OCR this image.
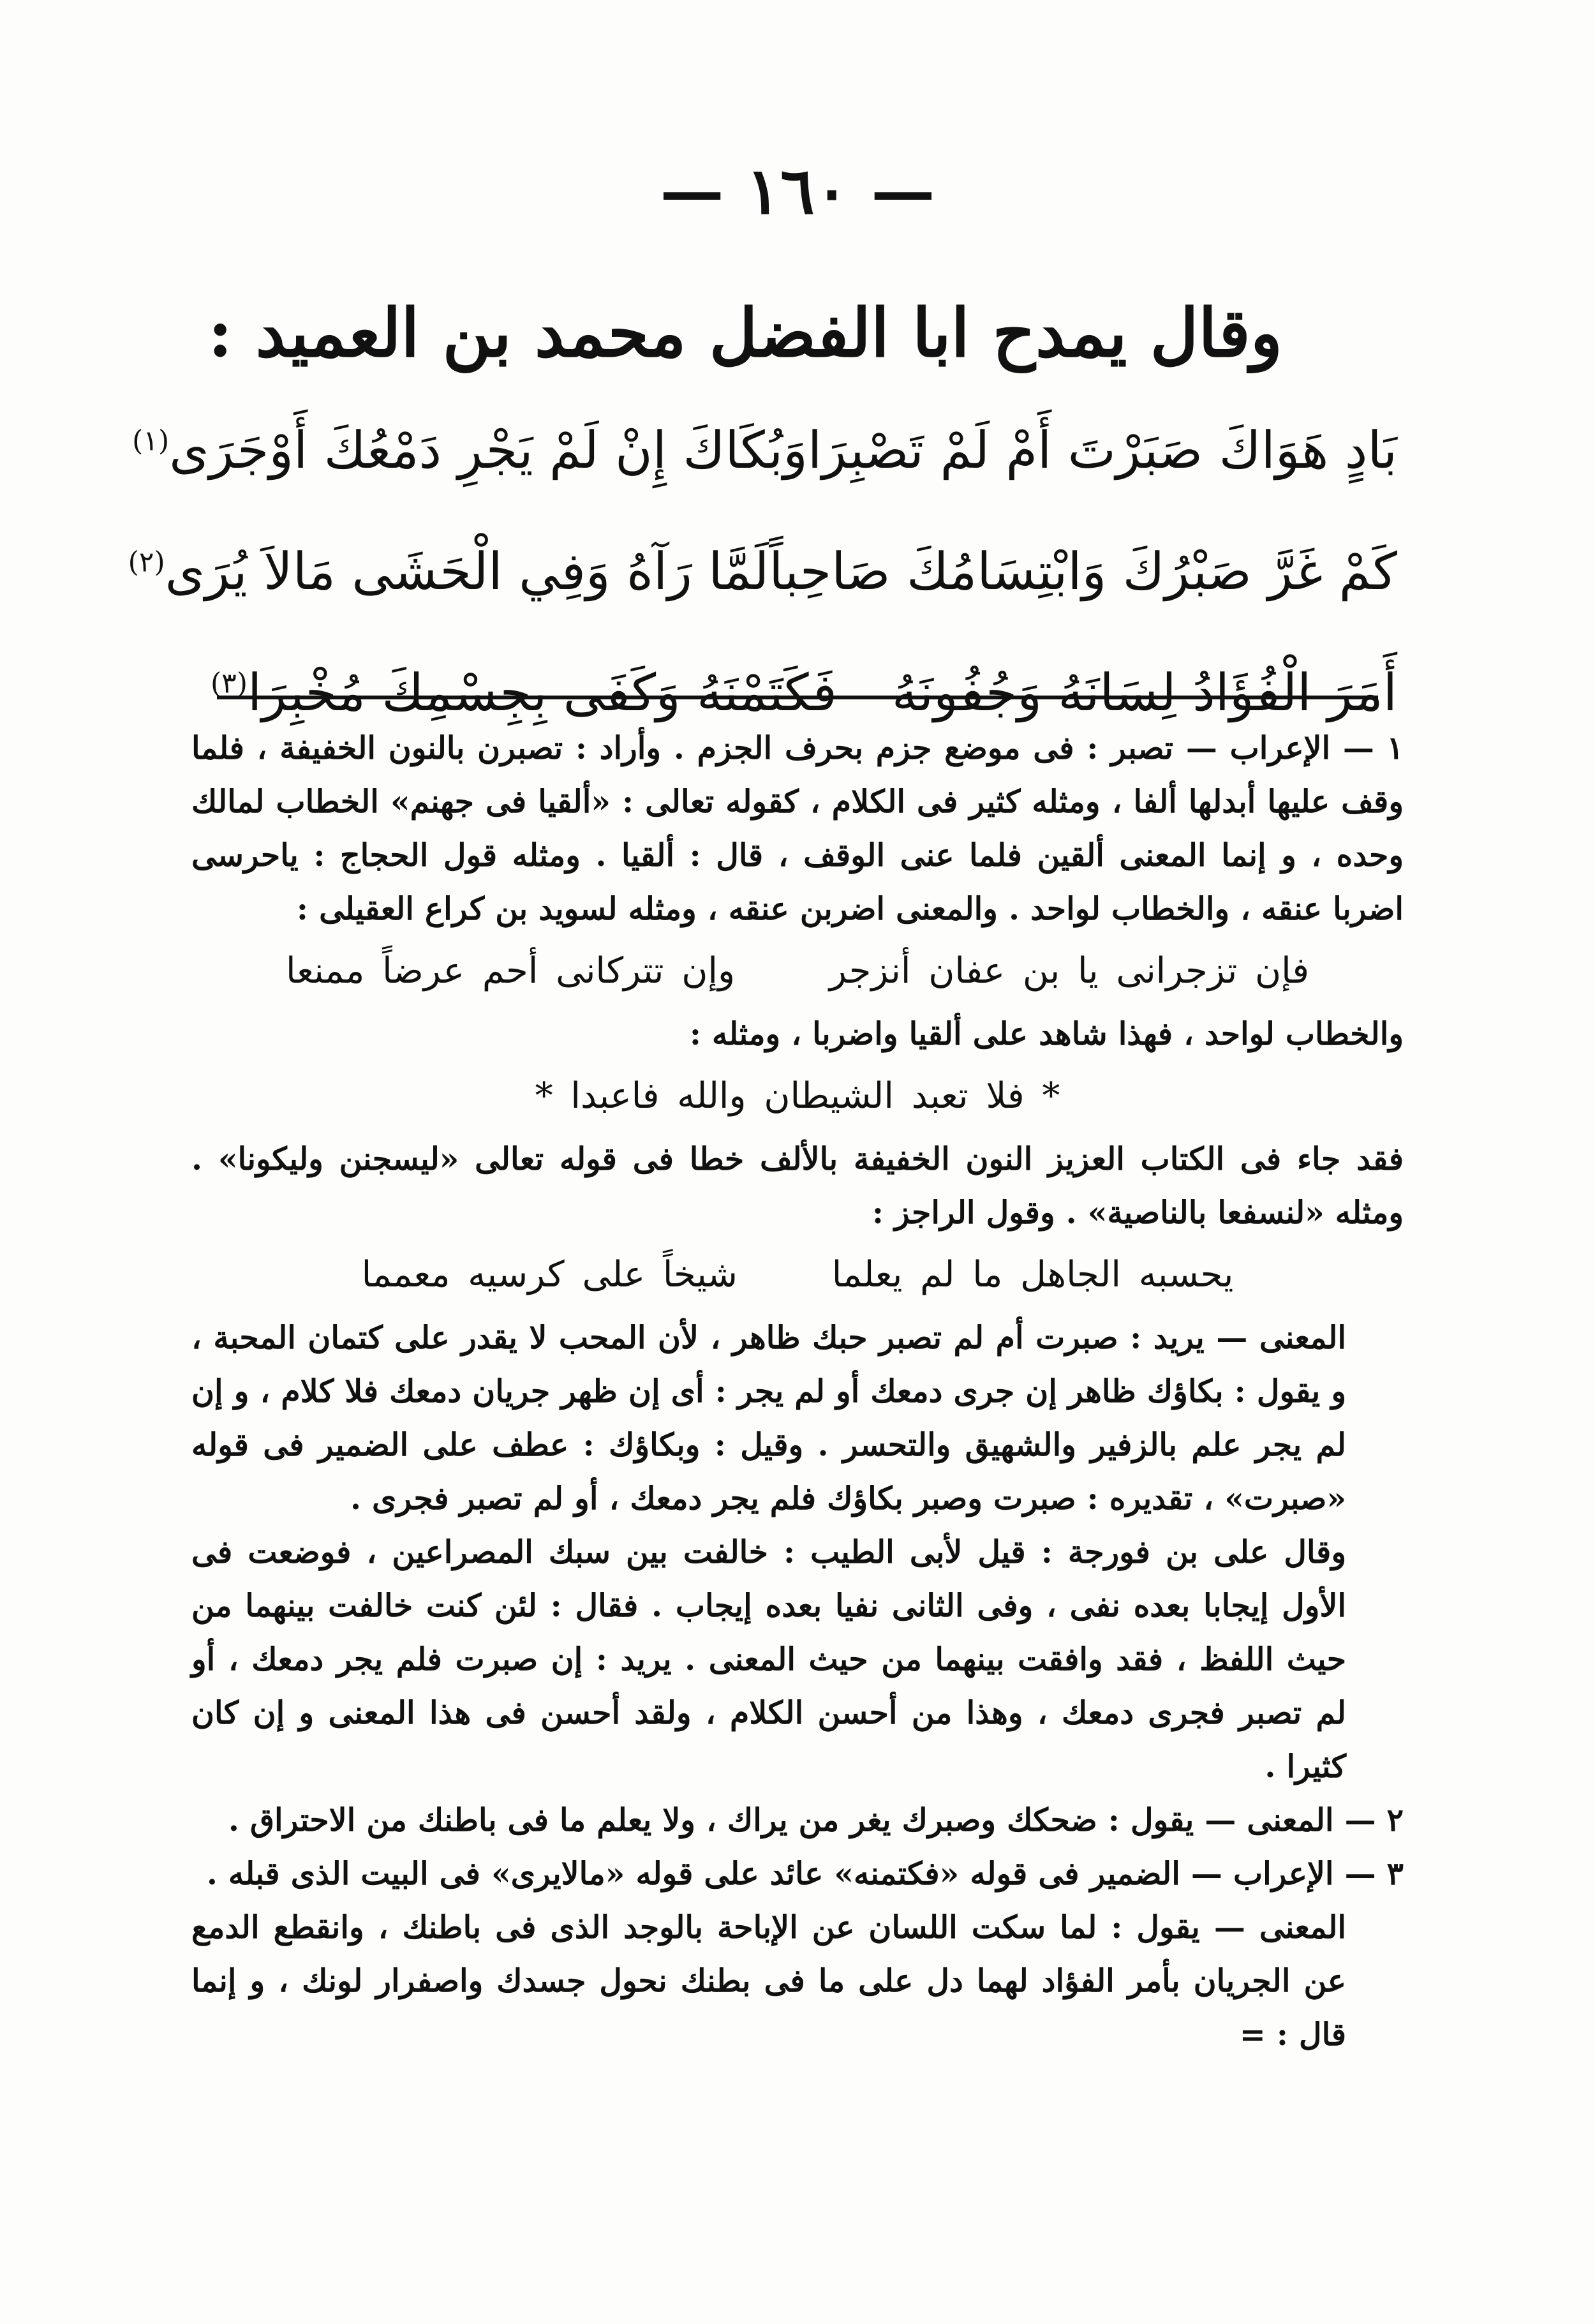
— ١٦٠ —
وقال يمدح ابا الفضل محمد بن العميد :
بَادٍ هَوَاكَ صَبَرْتَ أَمْ لَمْ تَصْبِرَا
وَبُكَاكَ إِنْ لَمْ يَجْرِ دَمْعُكَ أَوْجَرَى$^{(١)}$
كَمْ غَرَّ صَبْرُكَ وَابْتِسَامُكَ صَاحِباً
لَمَّا رَآهُ وَفِي الْحَشَى مَالاَ يُرَى$^{(٢)}$
أَمَرَ الْفُؤَادُ لِسَانَهُ وَجُفُونَهُ
فَكَتَمْنَهُ وَكَفَى بِجِسْمِكَ مُخْبِرَا$^{(٣)}$

١ — الإعراب — تصبر : فى موضع جزم بحرف الجزم . وأراد : تصبرن بالنون الخفيفة ، فلما وقف عليها أبدلها ألفا ، ومثله كثير فى الكلام ، كقوله تعالى : «ألقيا فى جهنم» الخطاب لمالك وحده ، و إنما المعنى ألقين فلما عنى الوقف ، قال : ألقيا . ومثله قول الحجاج : ياحرسى اضربا عنقه ، والخطاب لواحد . والمعنى اضربن عنقه ، ومثله لسويد بن كراع العقيلى :

فإن تزجرانى يا بن عفان أنزجر وإن تتركانى أحم عرضاً ممنعا

والخطاب لواحد ، فهذا شاهد على ألقيا واضربا ، ومثله :

* فلا تعبد الشيطان والله فاعبدا *

فقد جاء فى الكتاب العزيز النون الخفيفة بالألف خطا فى قوله تعالى «ليسجنن وليكونا» . ومثله «لنسفعا بالناصية» . وقول الراجز :

يحسبه الجاهل ما لم يعلما شيخاً على كرسيه معمما

المعنى — يريد : صبرت أم لم تصبر حبك ظاهر ، لأن المحب لا يقدر على كتمان المحبة ، و يقول : بكاؤك ظاهر إن جرى دمعك أو لم يجر : أى إن ظهر جريان دمعك فلا كلام ، و إن لم يجر علم بالزفير والشهيق والتحسر . وقيل : وبكاؤك : عطف على الضمير فى قوله «صبرت» ، تقديره : صبرت وصبر بكاؤك فلم يجر دمعك ، أو لم تصبر فجرى .

وقال على بن فورجة : قيل لأبى الطيب : خالفت بين سبك المصراعين ، فوضعت فى الأول إيجابا بعده نفى ، وفى الثانى نفيا بعده إيجاب . فقال : لئن كنت خالفت بينهما من حيث اللفظ ، فقد وافقت بينهما من حيث المعنى . يريد : إن صبرت فلم يجر دمعك ، أو لم تصبر فجرى دمعك ، وهذا من أحسن الكلام ، ولقد أحسن فى هذا المعنى و إن كان كثيرا .

٢ — المعنى — يقول : ضحكك وصبرك يغر من يراك ، ولا يعلم ما فى باطنك من الاحتراق .

٣ — الإعراب — الضمير فى قوله «فكتمنه» عائد على قوله «مالايرى» فى البيت الذى قبله .

المعنى — يقول : لما سكت اللسان عن الإباحة بالوجد الذى فى باطنك ، وانقطع الدمع عن الجريان بأمر الفؤاد لهما دل على ما فى بطنك نحول جسدك واصفرار لونك ، و إنما قال : =
